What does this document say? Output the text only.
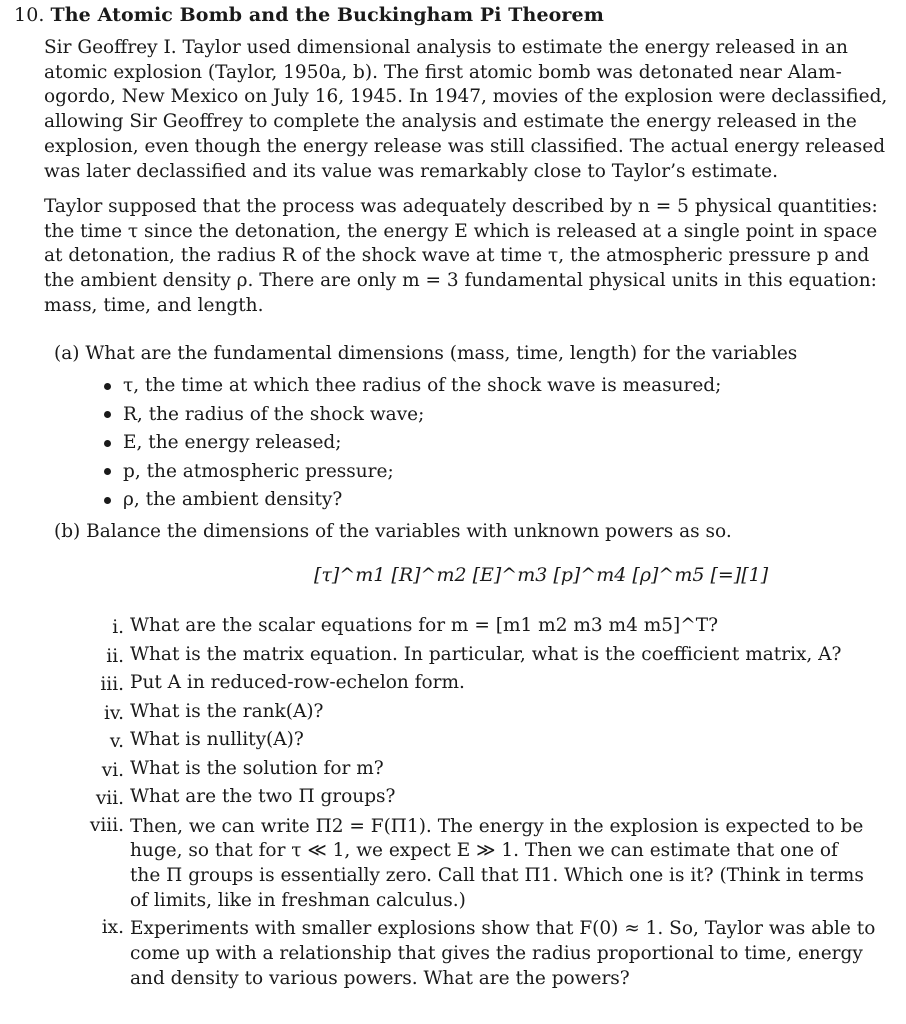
10. The Atomic Bomb and the Buckingham Pi Theorem
Sir Geoffrey I. Taylor used dimensional analysis to estimate the energy released in an
atomic explosion (Taylor, 1950a, b). The first atomic bomb was detonated near Alam-
ogordo, New Mexico on July 16, 1945. In 1947, movies of the explosion were declassified,
allowing Sir Geoffrey to complete the analysis and estimate the energy released in the
explosion, even though the energy release was still classified. The actual energy released
was later declassified and its value was remarkably close to Taylor’s estimate.
Taylor supposed that the process was adequately described by n = 5 physical quantities:
the time τ since the detonation, the energy E which is released at a single point in space
at detonation, the radius R of the shock wave at time τ, the atmospheric pressure p and
the ambient density ρ. There are only m = 3 fundamental physical units in this equation:
mass, time, and length.
(a) What are the fundamental dimensions (mass, time, length) for the variables
τ, the time at which thee radius of the shock wave is measured;
R, the radius of the shock wave;
E, the energy released;
p, the atmospheric pressure;
ρ, the ambient density?
(b) Balance the dimensions of the variables with unknown powers as so.
[τ]^m1 [R]^m2 [E]^m3 [p]^m4 [ρ]^m5 [=][1]
i. What are the scalar equations for m = [m1 m2 m3 m4 m5]^T?
ii. What is the matrix equation. In particular, what is the coefficient matrix, A?
iii. Put A in reduced-row-echelon form.
iv. What is the rank(A)?
v. What is nullity(A)?
vi. What is the solution for m?
vii. What are the two Π groups?
viii. Then, we can write Π2 = F(Π1). The energy in the explosion is expected to be
huge, so that for τ ≪ 1, we expect E ≫ 1. Then we can estimate that one of
the Π groups is essentially zero. Call that Π1. Which one is it? (Think in terms
of limits, like in freshman calculus.)
ix. Experiments with smaller explosions show that F(0) ≈ 1. So, Taylor was able to
come up with a relationship that gives the radius proportional to time, energy
and density to various powers. What are the powers?
